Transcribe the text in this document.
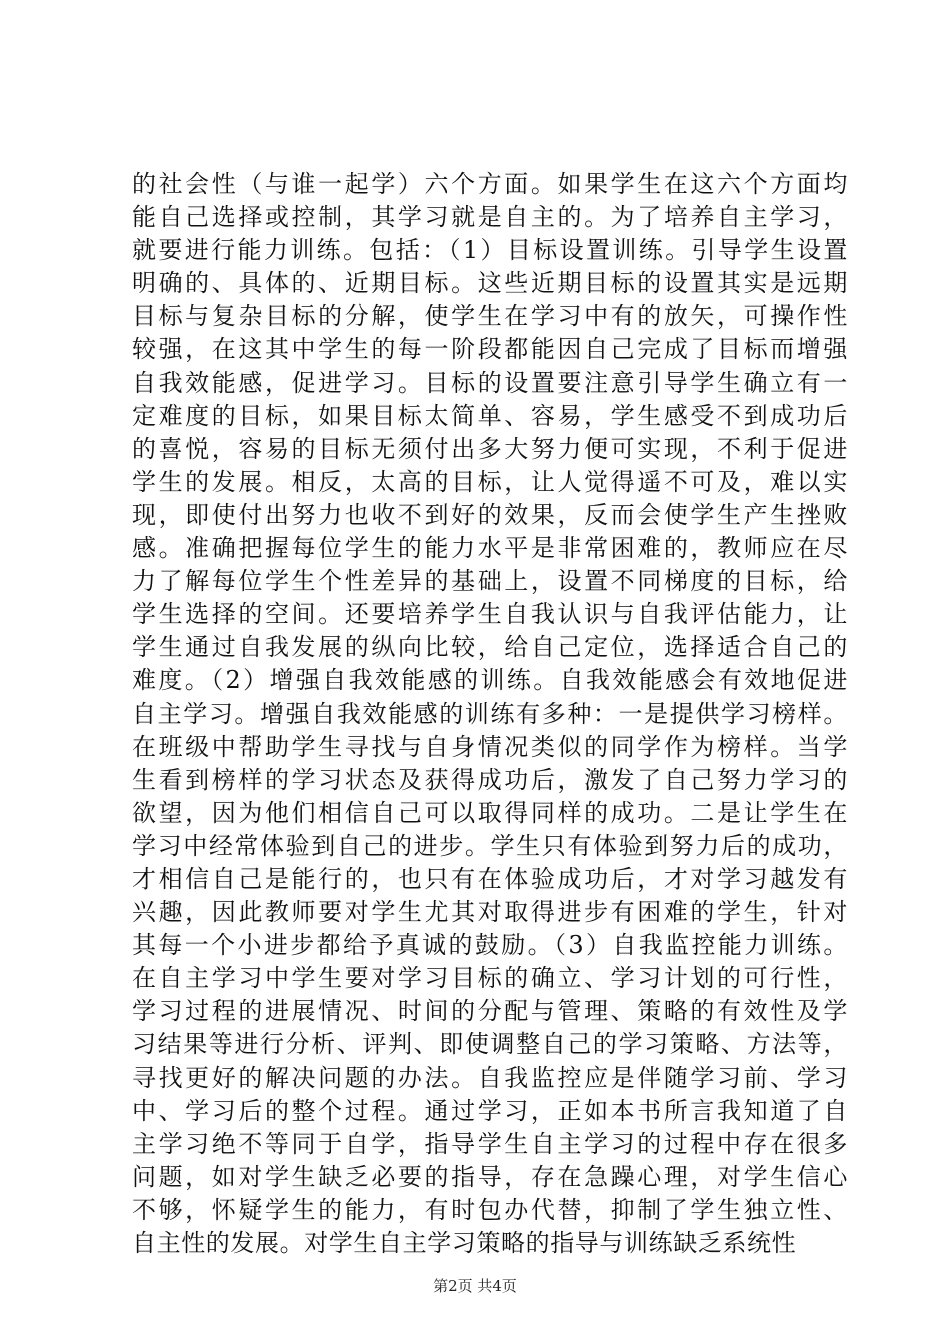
的社会性（与谁一起学）六个方面。如果学生在这六个方面均
能自己选择或控制，其学习就是自主的。为了培养自主学习，
就要进行能力训练。包括：（1）目标设置训练。引导学生设置
明确的、具体的、近期目标。这些近期目标的设置其实是远期
目标与复杂目标的分解，使学生在学习中有的放矢，可操作性
较强，在这其中学生的每一阶段都能因自己完成了目标而增强
自我效能感，促进学习。目标的设置要注意引导学生确立有一
定难度的目标，如果目标太简单、容易，学生感受不到成功后
的喜悦，容易的目标无须付出多大努力便可实现，不利于促进
学生的发展。相反，太高的目标，让人觉得遥不可及，难以实
现，即使付出努力也收不到好的效果，反而会使学生产生挫败
感。准确把握每位学生的能力水平是非常困难的，教师应在尽
力了解每位学生个性差异的基础上，设置不同梯度的目标，给
学生选择的空间。还要培养学生自我认识与自我评估能力，让
学生通过自我发展的纵向比较，给自己定位，选择适合自己的
难度。（2）增强自我效能感的训练。自我效能感会有效地促进
自主学习。增强自我效能感的训练有多种：一是提供学习榜样。
在班级中帮助学生寻找与自身情况类似的同学作为榜样。当学
生看到榜样的学习状态及获得成功后，激发了自己努力学习的
欲望，因为他们相信自己可以取得同样的成功。二是让学生在
学习中经常体验到自己的进步。学生只有体验到努力后的成功，
才相信自己是能行的，也只有在体验成功后，才对学习越发有
兴趣，因此教师要对学生尤其对取得进步有困难的学生，针对
其每一个小进步都给予真诚的鼓励。（3）自我监控能力训练。
在自主学习中学生要对学习目标的确立、学习计划的可行性，
学习过程的进展情况、时间的分配与管理、策略的有效性及学
习结果等进行分析、评判、即使调整自己的学习策略、方法等，
寻找更好的解决问题的办法。自我监控应是伴随学习前、学习
中、学习后的整个过程。通过学习，正如本书所言我知道了自
主学习绝不等同于自学，指导学生自主学习的过程中存在很多
问题，如对学生缺乏必要的指导，存在急躁心理，对学生信心
不够，怀疑学生的能力，有时包办代替，抑制了学生独立性、
自主性的发展。对学生自主学习策略的指导与训练缺乏系统性
第2页 共4页
